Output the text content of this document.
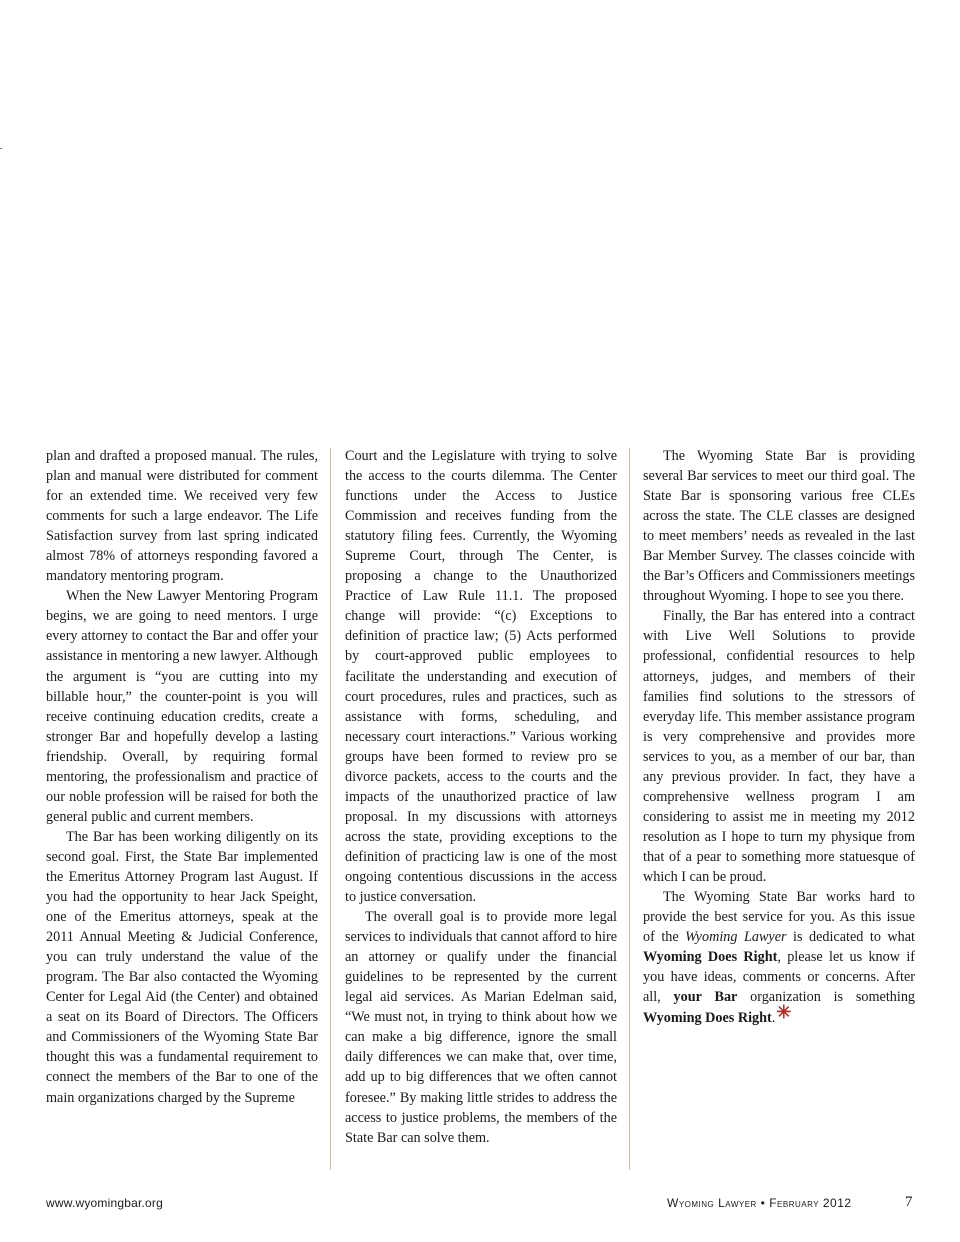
plan and drafted a proposed manual. The rules, plan and manual were distributed for comment for an extended time. We received very few comments for such a large endeavor. The Life Satisfaction survey from last spring indicated almost 78% of attorneys responding favored a mandatory mentoring program.

When the New Lawyer Mentoring Program begins, we are going to need mentors. I urge every attorney to contact the Bar and offer your assistance in mentoring a new lawyer. Although the argument is “you are cutting into my billable hour,” the counter-point is you will receive continuing education credits, create a stronger Bar and hopefully develop a lasting friendship. Overall, by requiring formal mentoring, the professionalism and practice of our noble profession will be raised for both the general public and current members.

The Bar has been working diligently on its second goal. First, the State Bar implemented the Emeritus Attorney Program last August. If you had the opportunity to hear Jack Speight, one of the Emeritus attorneys, speak at the 2011 Annual Meeting & Judicial Conference, you can truly understand the value of the program. The Bar also contacted the Wyoming Center for Legal Aid (the Center) and obtained a seat on its Board of Directors. The Officers and Commissioners of the Wyoming State Bar thought this was a fundamental requirement to connect the members of the Bar to one of the main organizations charged by the Supreme

Court and the Legislature with trying to solve the access to the courts dilemma. The Center functions under the Access to Justice Commission and receives funding from the statutory filing fees. Currently, the Wyoming Supreme Court, through The Center, is proposing a change to the Unauthorized Practice of Law Rule 11.1. The proposed change will provide: “(c) Exceptions to definition of practice law; (5) Acts performed by court-approved public employees to facilitate the understanding and execution of court procedures, rules and practices, such as assistance with forms, scheduling, and necessary court interactions.” Various working groups have been formed to review pro se divorce packets, access to the courts and the impacts of the unauthorized practice of law proposal. In my discussions with attorneys across the state, providing exceptions to the definition of practicing law is one of the most ongoing contentious discussions in the access to justice conversation.

The overall goal is to provide more legal services to individuals that cannot afford to hire an attorney or qualify under the financial guidelines to be represented by the current legal aid services. As Marian Edelman said, “We must not, in trying to think about how we can make a big difference, ignore the small daily differences we can make that, over time, add up to big differences that we often cannot foresee.” By making little strides to address the access to justice problems, the members of the State Bar can solve them.

The Wyoming State Bar is providing several Bar services to meet our third goal. The State Bar is sponsoring various free CLEs across the state. The CLE classes are designed to meet members’ needs as revealed in the last Bar Member Survey. The classes coincide with the Bar’s Officers and Commissioners meetings throughout Wyoming. I hope to see you there.

Finally, the Bar has entered into a contract with Live Well Solutions to provide professional, confidential resources to help attorneys, judges, and members of their families find solutions to the stressors of everyday life. This member assistance program is very comprehensive and provides more services to you, as a member of our bar, than any previous provider. In fact, they have a comprehensive wellness program I am considering to assist me in meeting my 2012 resolution as I hope to turn my physique from that of a pear to something more statuesque of which I can be proud.

The Wyoming State Bar works hard to provide the best service for you. As this issue of the Wyoming Lawyer is dedicated to what Wyoming Does Right, please let us know if you have ideas, comments or concerns. After all, your Bar organization is something Wyoming Does Right.✳

www.wyomingbar.org	Wyoming Lawyer • February 2012	7
